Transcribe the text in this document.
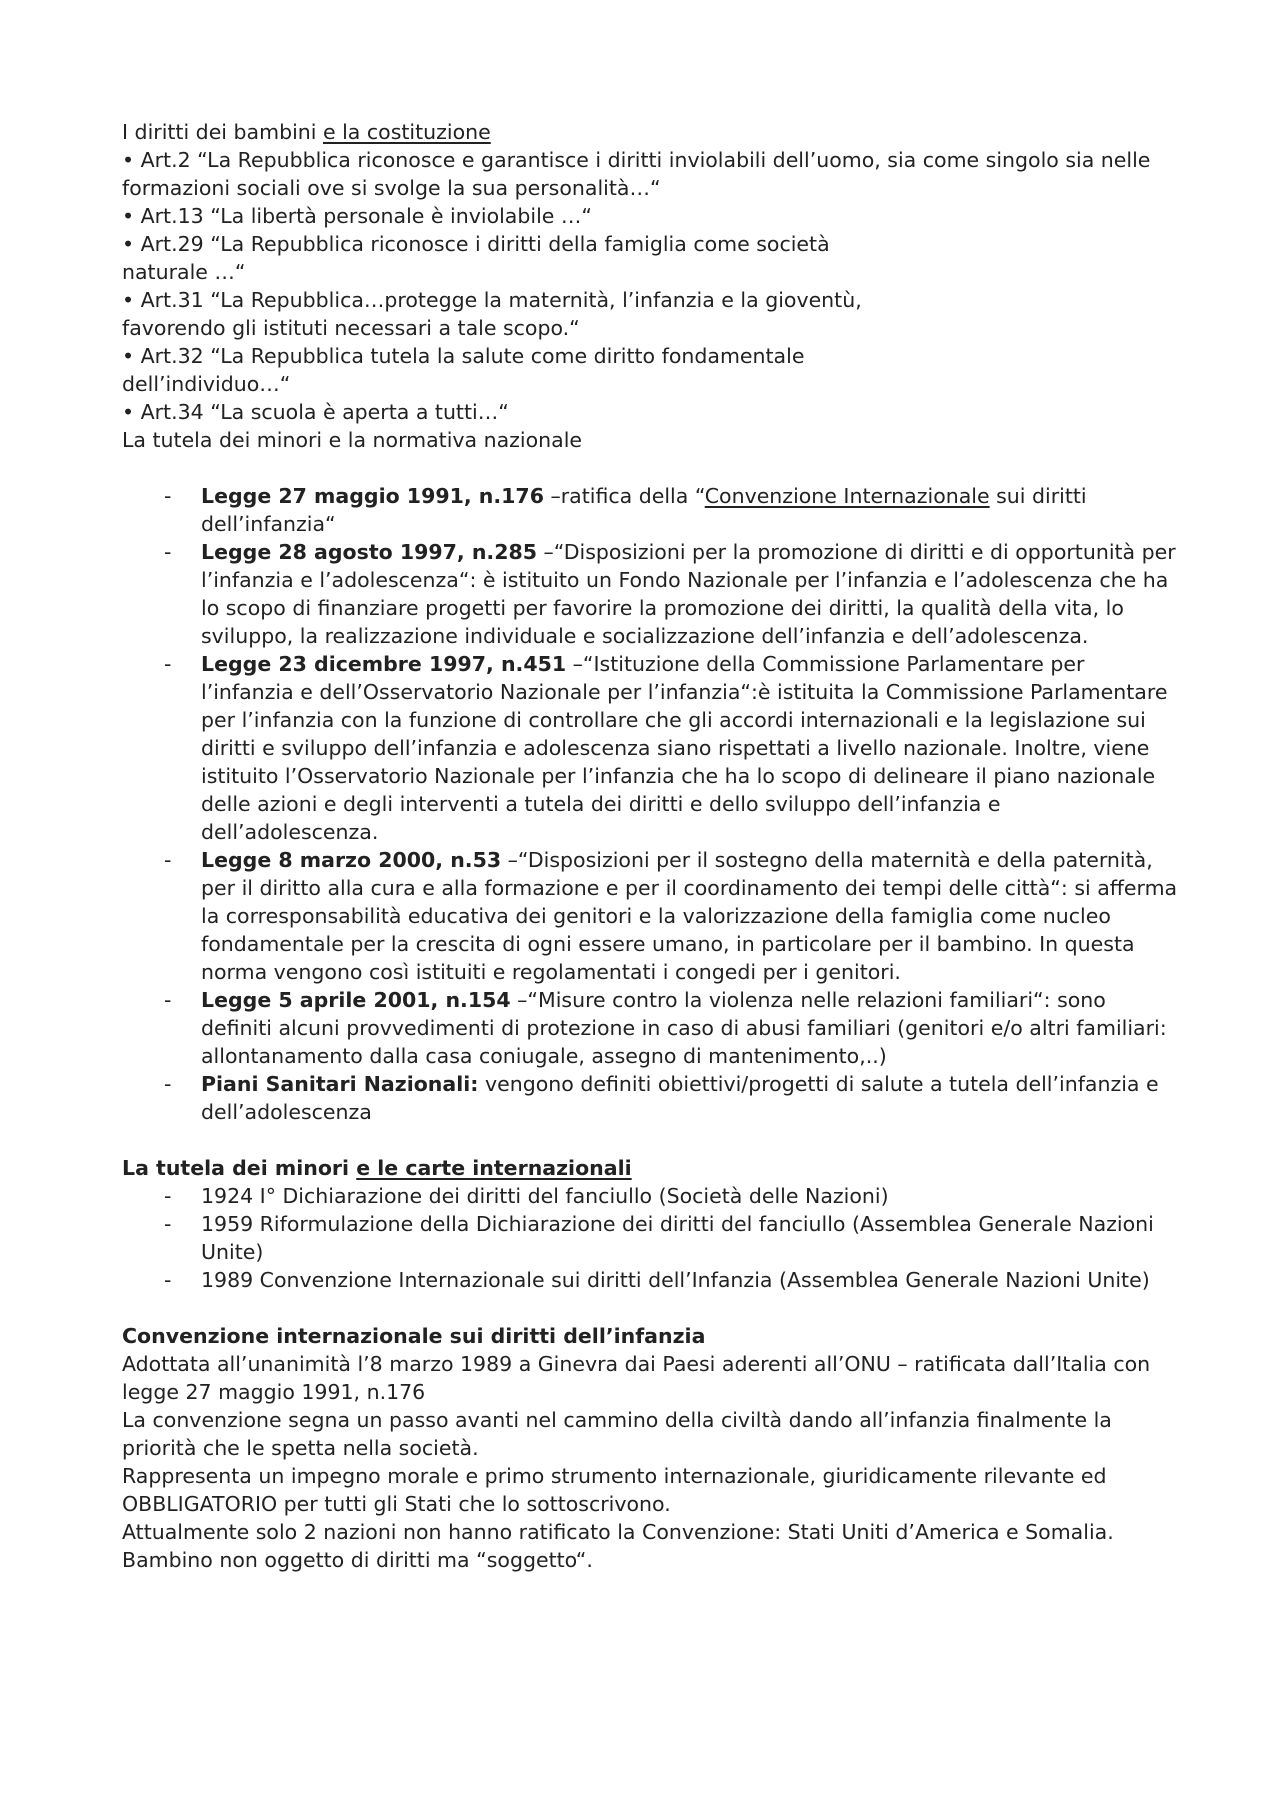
I diritti dei bambini e la costituzione

• Art.2 “La Repubblica riconosce e garantisce i diritti inviolabili dell’uomo, sia come singolo sia nelle formazioni sociali ove si svolge la sua personalità…“

• Art.13 “La libertà personale è inviolabile …“

• Art.29 “La Repubblica riconosce i diritti della famiglia come società

naturale …“

• Art.31 “La Repubblica…protegge la maternità, l’infanzia e la gioventù,

favorendo gli istituti necessari a tale scopo.“

• Art.32 “La Repubblica tutela la salute come diritto fondamentale

dell’individuo…“

• Art.34 “La scuola è aperta a tutti…“

La tutela dei minori e la normativa nazionale

- Legge 27 maggio 1991, n.176 –ratifica della “Convenzione Internazionale sui diritti dell’infanzia“
- Legge 28 agosto 1997, n.285 –“Disposizioni per la promozione di diritti e di opportunità per l’infanzia e l’adolescenza“: è istituito un Fondo Nazionale per l’infanzia e l’adolescenza che ha lo scopo di finanziare progetti per favorire la promozione dei diritti, la qualità della vita, lo sviluppo, la realizzazione individuale e socializzazione dell’infanzia e dell’adolescenza.
- Legge 23 dicembre 1997, n.451 –“Istituzione della Commissione Parlamentare per l’infanzia e dell’Osservatorio Nazionale per l’infanzia“:è istituita la Commissione Parlamentare per l’infanzia con la funzione di controllare che gli accordi internazionali e la legislazione sui diritti e sviluppo dell’infanzia e adolescenza siano rispettati a livello nazionale. Inoltre, viene istituito l’Osservatorio Nazionale per l’infanzia che ha lo scopo di delineare il piano nazionale delle azioni e degli interventi a tutela dei diritti e dello sviluppo dell’infanzia e dell’adolescenza.
- Legge 8 marzo 2000, n.53 –“Disposizioni per il sostegno della maternità e della paternità, per il diritto alla cura e alla formazione e per il coordinamento dei tempi delle città“: si afferma la corresponsabilità educativa dei genitori e la valorizzazione della famiglia come nucleo fondamentale per la crescita di ogni essere umano, in particolare per il bambino. In questa norma vengono così istituiti e regolamentati i congedi per i genitori.
- Legge 5 aprile 2001, n.154 –“Misure contro la violenza nelle relazioni familiari“: sono definiti alcuni provvedimenti di protezione in caso di abusi familiari (genitori e/o altri familiari: allontanamento dalla casa coniugale, assegno di mantenimento,..)
- Piani Sanitari Nazionali: vengono definiti obiettivi/progetti di salute a tutela dell’infanzia e dell’adolescenza

La tutela dei minori e le carte internazionali

- 1924 I° Dichiarazione dei diritti del fanciullo (Società delle Nazioni)
- 1959 Riformulazione della Dichiarazione dei diritti del fanciullo (Assemblea Generale Nazioni Unite)
- 1989 Convenzione Internazionale sui diritti dell’Infanzia (Assemblea Generale Nazioni Unite)

Convenzione internazionale sui diritti dell’infanzia

Adottata all’unanimità l’8 marzo 1989 a Ginevra dai Paesi aderenti all’ONU – ratificata dall’Italia con legge 27 maggio 1991, n.176

La convenzione segna un passo avanti nel cammino della civiltà dando all’infanzia finalmente la priorità che le spetta nella società.

Rappresenta un impegno morale e primo strumento internazionale, giuridicamente rilevante ed OBBLIGATORIO per tutti gli Stati che lo sottoscrivono.

Attualmente solo 2 nazioni non hanno ratificato la Convenzione: Stati Uniti d’America e Somalia.

Bambino non oggetto di diritti ma “soggetto“.
